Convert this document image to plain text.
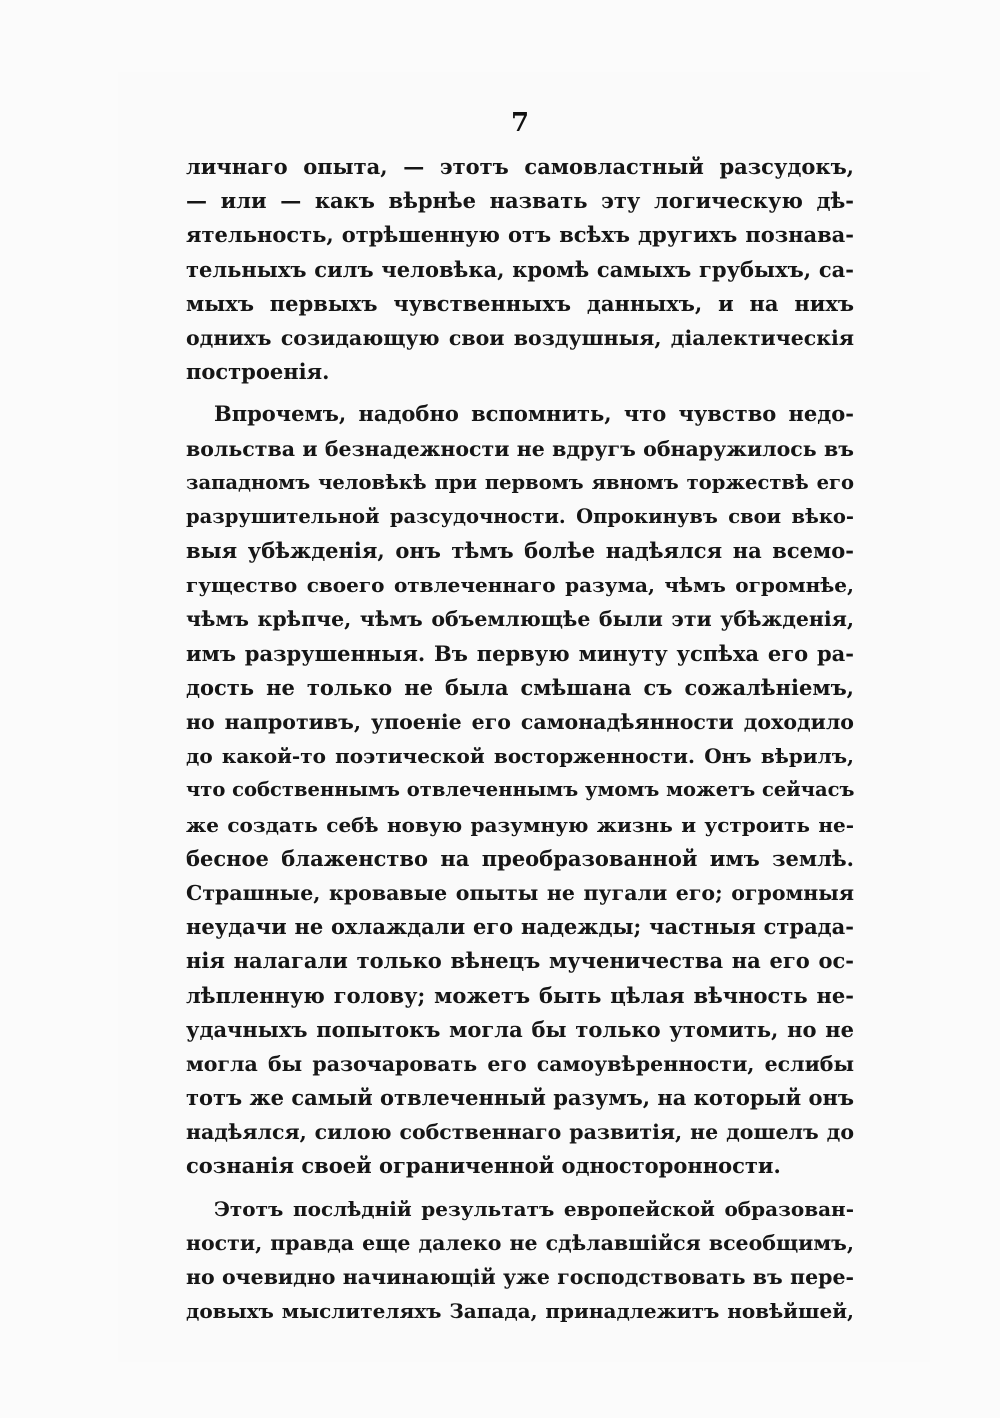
7
личнаго опыта, — этотъ самовластный разсудокъ,
— или — какъ вѣрнѣе назвать эту логическую дѣ-
ятельность, отрѣшенную отъ всѣхъ другихъ познава-
тельныхъ силъ человѣка, кромѣ самыхъ грубыхъ, са-
мыхъ первыхъ чувственныхъ данныхъ, и на нихъ
однихъ созидающую свои воздушныя, діалектическія
построенія.
Впрочемъ, надобно вспомнить, что чувство недо-
вольства и безнадежности не вдругъ обнаружилось въ
западномъ человѣкѣ при первомъ явномъ торжествѣ его
разрушительной разсудочности. Опрокинувъ свои вѣко-
выя убѣжденія, онъ тѣмъ болѣе надѣялся на всемо-
гущество своего отвлеченнаго разума, чѣмъ огромнѣе,
чѣмъ крѣпче, чѣмъ объемлющѣе были эти убѣжденія,
имъ разрушенныя. Въ первую минуту успѣха его ра-
дость не только не была смѣшана съ сожалѣніемъ,
но напротивъ, упоеніе его самонадѣянности доходило
до какой-то поэтической восторженности. Онъ вѣрилъ,
что собственнымъ отвлеченнымъ умомъ можетъ сейчасъ
же создать себѣ новую разумную жизнь и устроить не-
бесное блаженство на преобразованной имъ землѣ.
Страшные, кровавые опыты не пугали его; огромныя
неудачи не охлаждали его надежды; частныя страда-
нія налагали только вѣнецъ мученичества на его ос-
лѣпленную голову; можетъ быть цѣлая вѣчность не-
удачныхъ попытокъ могла бы только утомить, но не
могла бы разочаровать его самоувѣренности, еслибы
тотъ же самый отвлеченный разумъ, на который онъ
надѣялся, силою собственнаго развитія, не дошелъ до
сознанія своей ограниченной односторонности.
Этотъ послѣдній результатъ европейской образован-
ности, правда еще далеко не сдѣлавшійся всеобщимъ,
но очевидно начинающій уже господствовать въ пере-
довыхъ мыслителяхъ Запада, принадлежитъ новѣйшей,
